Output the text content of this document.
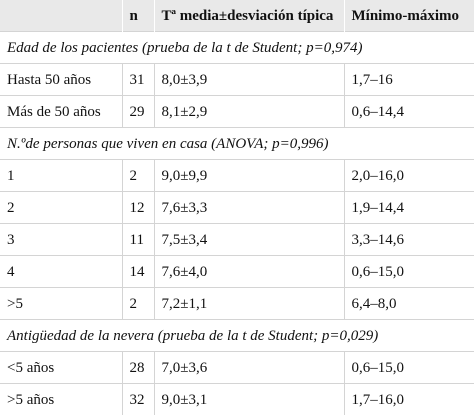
	n	Tª media±desviación típica	Mínimo-máximo
Edad de los pacientes (prueba de la t de Student; p=0,974)			
Hasta 50 años	31	8,0±3,9	1,7–16
Más de 50 años	29	8,1±2,9	0,6–14,4
N.ºde personas que viven en casa (ANOVA; p=0,996)			
1	2	9,0±9,9	2,0–16,0
2	12	7,6±3,3	1,9–14,4
3	11	7,5±3,4	3,3–14,6
4	14	7,6±4,0	0,6–15,0
>5	2	7,2±1,1	6,4–8,0
Antigüedad de la nevera (prueba de la t de Student; p=0,029)			
<5 años	28	7,0±3,6	0,6–15,0
>5 años	32	9,0±3,1	1,7–16,0
